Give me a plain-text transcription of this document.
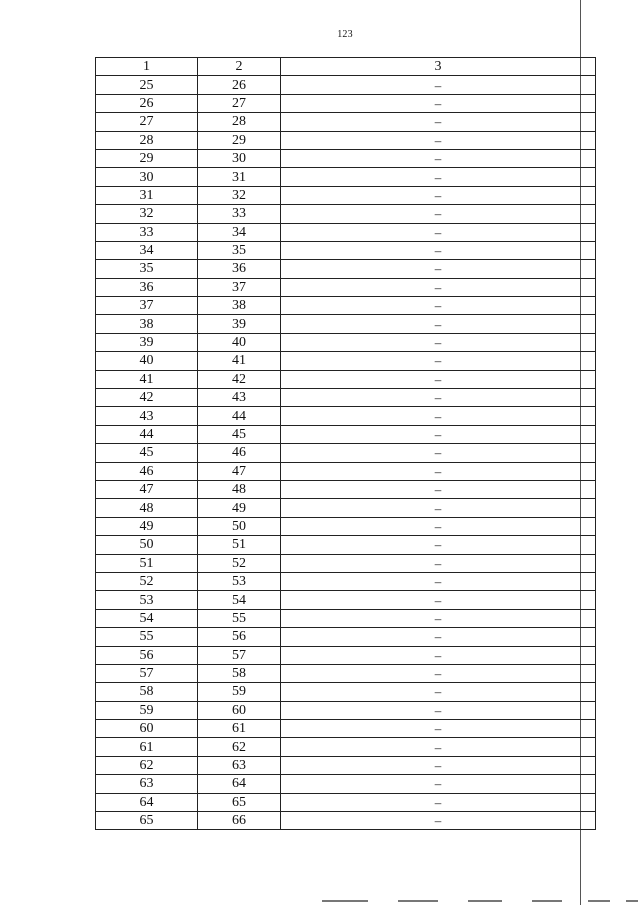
123
1	2	3
25	26	–
26	27	–
27	28	–
28	29	–
29	30	–
30	31	–
31	32	–
32	33	–
33	34	–
34	35	–
35	36	–
36	37	–
37	38	–
38	39	–
39	40	–
40	41	–
41	42	–
42	43	–
43	44	–
44	45	–
45	46	–
46	47	–
47	48	–
48	49	–
49	50	–
50	51	–
51	52	–
52	53	–
53	54	–
54	55	–
55	56	–
56	57	–
57	58	–
58	59	–
59	60	–
60	61	–
61	62	–
62	63	–
63	64	–
64	65	–
65	66	–
